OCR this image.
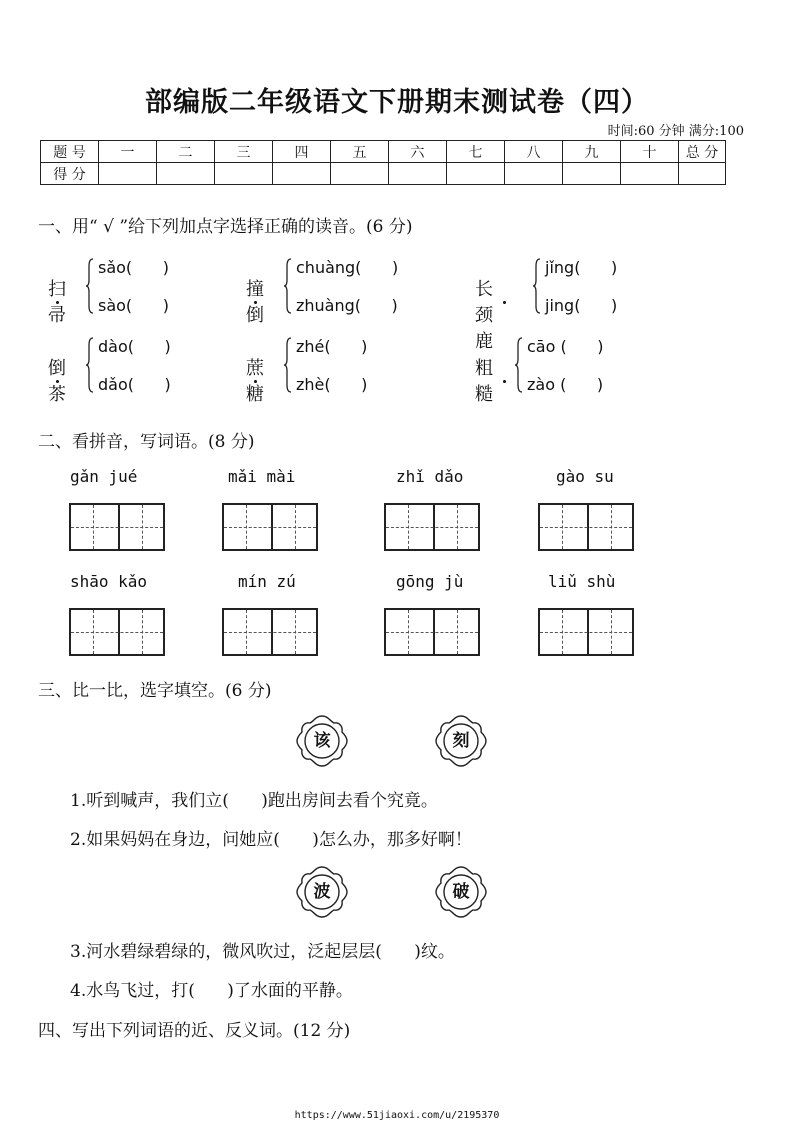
部编版二年级语文下册期末测试卷（四）
时间:60 分钟 满分:100
题 号	一	二	三	四	五	六	七	八	九	十	总 分
得 分											
一、用“ √ ”给下列加点字选择正确的读音。(6 分)
扫帚
sǎo(      )
sào(      )
撞倒
chuàng(      )
zhuàng(      )
长颈鹿
jǐng(      )
jing(      )
倒茶
dào(      )
dǎo(      )
蔗糖
zhé(      )
zhè(      )
粗糙
cāo (      )
zào (      )
二、看拼音，写词语。(8 分)
gǎn jué	mǎi mài	zhǐ dǎo	gào su
shāo kǎo	mín zú	gōng jù	liǔ shù
三、比一比，选字填空。(6 分)
该	刻
1.听到喊声，我们立(      )跑出房间去看个究竟。
2.如果妈妈在身边，问她应(      )怎么办，那多好啊！
波	破
3.河水碧绿碧绿的，微风吹过，泛起层层(      )纹。
4.水鸟飞过，打(      )了水面的平静。
四、写出下列词语的近、反义词。(12 分)
https://www.51jiaoxi.com/u/2195370
